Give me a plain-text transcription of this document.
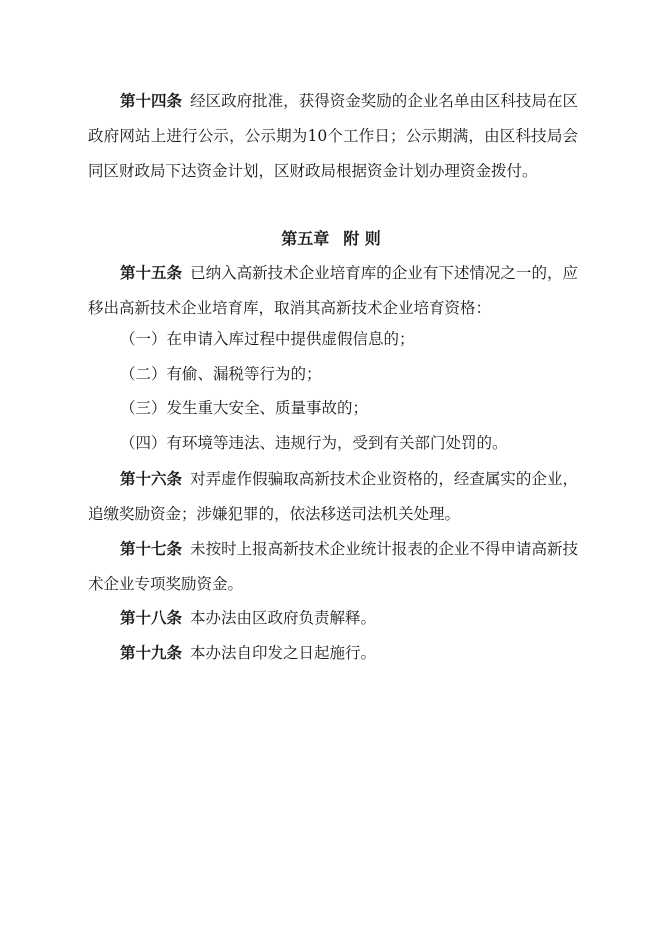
第十四条 经区政府批准，获得资金奖励的企业名单由区科技局在区政府网站上进行公示，公示期为10个工作日；公示期满，由区科技局会同区财政局下达资金计划，区财政局根据资金计划办理资金拨付。

第五章 附 则

第十五条 已纳入高新技术企业培育库的企业有下述情况之一的，应移出高新技术企业培育库，取消其高新技术企业培育资格：

（一）在申请入库过程中提供虚假信息的；

（二）有偷、漏税等行为的；

（三）发生重大安全、质量事故的；

（四）有环境等违法、违规行为，受到有关部门处罚的。

第十六条 对弄虚作假骗取高新技术企业资格的，经查属实的企业，追缴奖励资金；涉嫌犯罪的，依法移送司法机关处理。

第十七条 未按时上报高新技术企业统计报表的企业不得申请高新技术企业专项奖励资金。

第十八条 本办法由区政府负责解释。

第十九条 本办法自印发之日起施行。
